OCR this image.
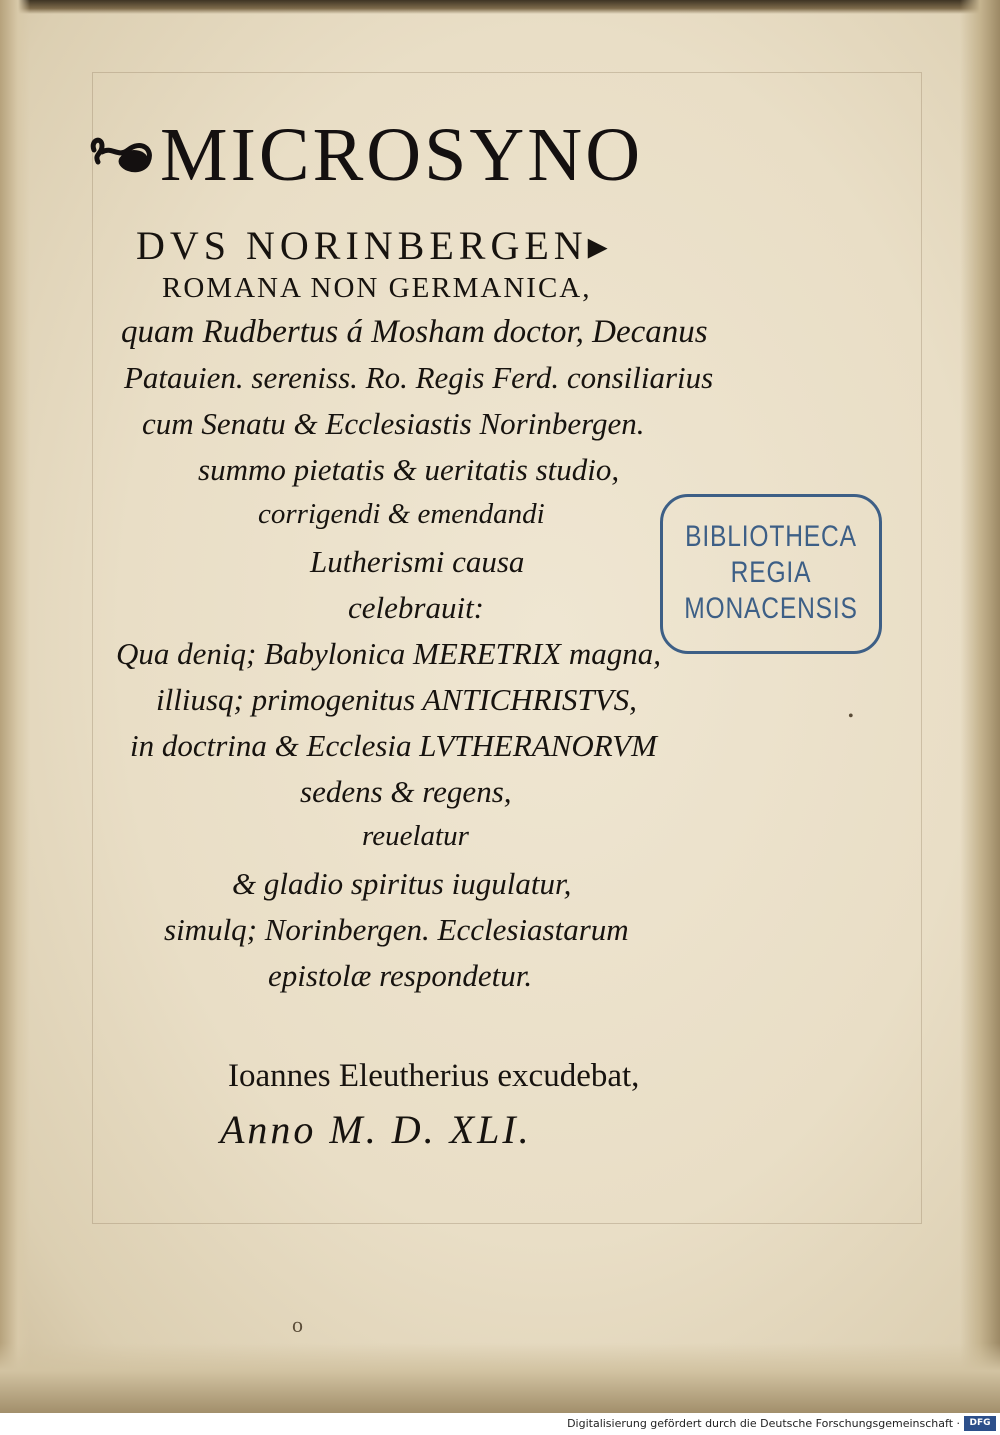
MICROSYNO
DVS NORINBERGEN▸
ROMANA NON GERMANICA,
quam Rudbertus á Mosham doctor, Decanus
Patauien. sereniss. Ro. Regis Ferd. consiliarius
cum Senatu & Ecclesiastis Norinbergen.
summo pietatis & ueritatis studio,
corrigendi & emendandi
Lutherismi causa
celebrauit:
Qua deniq; Babylonica MERETRIX magna,
illiusq; primogenitus ANTICHRISTVS,
in doctrina & Ecclesia LVTHERANORVM
sedens & regens,
reuelatur
& gladio spiritus iugulatur,
simulq; Norinbergen. Ecclesiastarum
epistolæ respondetur.
Ioannes Eleutherius excudebat,
Anno M. D. XLI.
BIBLIOTHECA
REGIA
MONACENSIS
o
•
Digitalisierung gefördert durch die Deutsche Forschungsgemeinschaft ·	DFG
